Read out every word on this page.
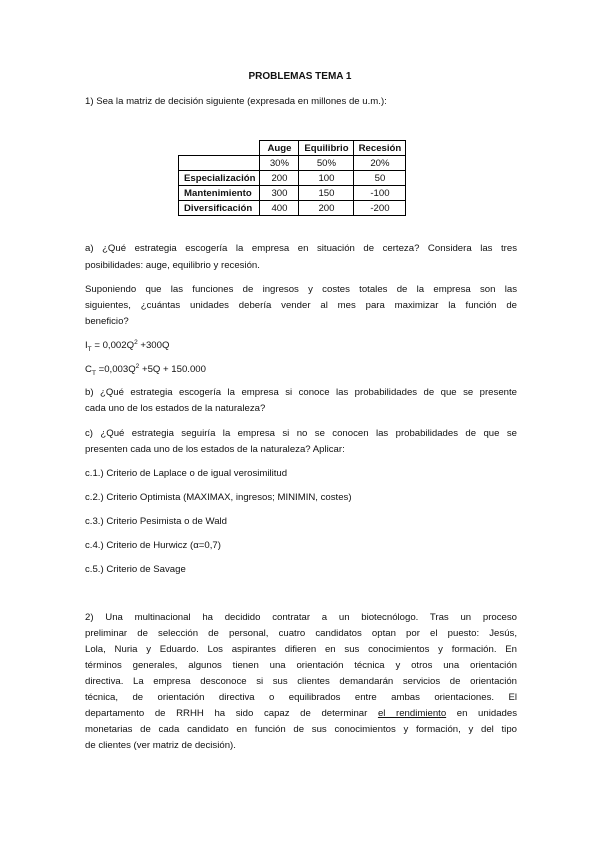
PROBLEMAS TEMA 1
1) Sea la matriz de decisión siguiente (expresada en millones de u.m.):
	Auge	Equilibrio	Recesión
	30%	50%	20%
Especialización	200	100	50
Mantenimiento	300	150	-100
Diversificación	400	200	-200
a) ¿Qué estrategia escogería la empresa en situación de certeza? Considera las tres
posibilidades: auge, equilibrio y recesión.
Suponiendo que las funciones de ingresos y costes totales de la empresa son las
siguientes, ¿cuántas unidades debería vender al mes para maximizar la función de
beneficio?
$I_T = 0,002Q^2 +300Q$
$C_T =0,003Q^2 +5Q + 150.000$
b) ¿Qué estrategia escogería la empresa si conoce las probabilidades de que se presente
cada uno de los estados de la naturaleza?
c) ¿Qué estrategia seguiría la empresa si no se conocen las probabilidades de que se
presenten cada uno de los estados de la naturaleza? Aplicar:
c.1.) Criterio de Laplace o de igual verosimilitud
c.2.) Criterio Optimista (MAXIMAX, ingresos; MINIMIN, costes)
c.3.) Criterio Pesimista o de Wald
c.4.) Criterio de Hurwicz (α=0,7)
c.5.) Criterio de Savage
2) Una multinacional ha decidido contratar a un biotecnólogo. Tras un proceso
preliminar de selección de personal, cuatro candidatos optan por el puesto: Jesús,
Lola, Nuria y Eduardo. Los aspirantes difieren en sus conocimientos y formación. En
términos generales, algunos tienen una orientación técnica y otros una orientación
directiva. La empresa desconoce si sus clientes demandarán servicios de orientación
técnica, de orientación directiva o equilibrados entre ambas orientaciones. El
departamento de RRHH ha sido capaz de determinar el rendimiento en unidades
monetarias de cada candidato en función de sus conocimientos y formación, y del tipo
de clientes (ver matriz de decisión).
